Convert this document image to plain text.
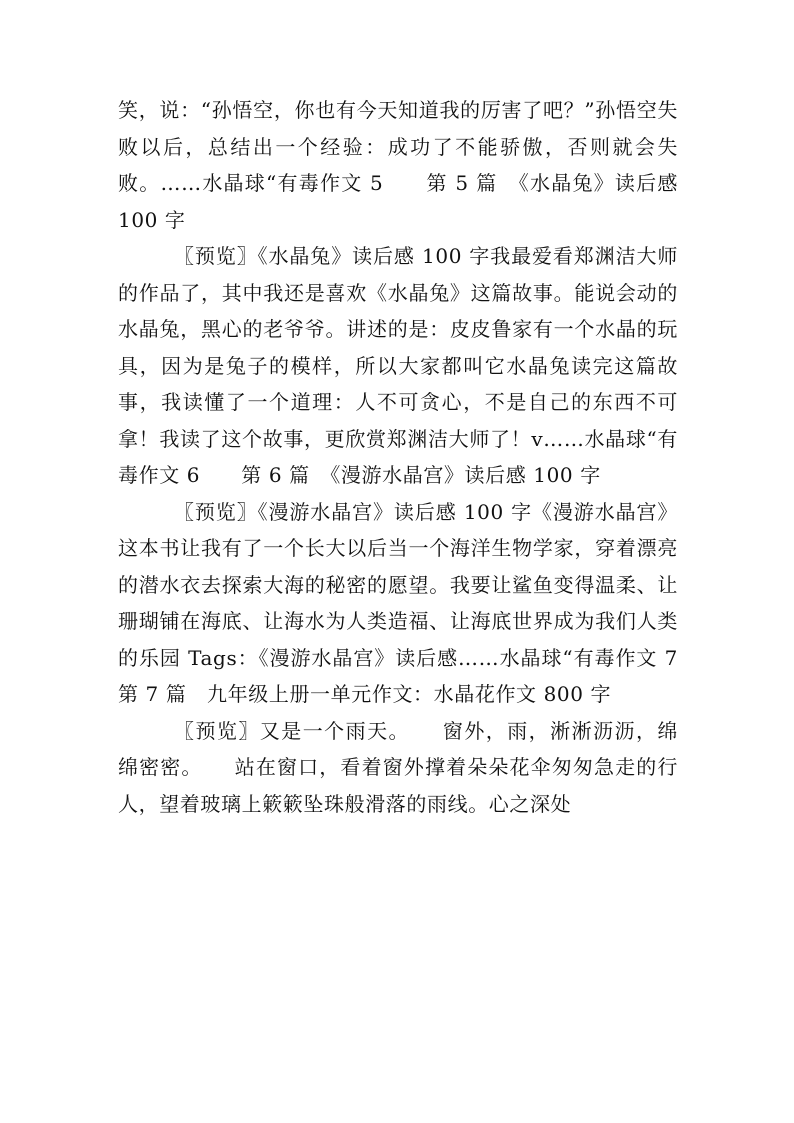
笑，说：“孙悟空，你也有今天知道我的厉害了吧？”孙悟空失败以后，总结出一个经验：成功了不能骄傲，否则就会失败。……水晶球“有毒作文 5　　第 5 篇　《水晶兔》读后感 100 字

〖预览〗《水晶兔》读后感 100 字我最爱看郑渊洁大师的作品了，其中我还是喜欢《水晶兔》这篇故事。能说会动的水晶兔，黑心的老爷爷。讲述的是：皮皮鲁家有一个水晶的玩具，因为是兔子的模样，所以大家都叫它水晶兔读完这篇故事，我读懂了一个道理：人不可贪心，不是自己的东西不可拿！我读了这个故事，更欣赏郑渊洁大师了！v……水晶球“有毒作文 6　　第 6 篇　《漫游水晶宫》读后感 100 字

〖预览〗《漫游水晶宫》读后感 100 字《漫游水晶宫》这本书让我有了一个长大以后当一个海洋生物学家，穿着漂亮的潜水衣去探索大海的秘密的愿望。我要让鲨鱼变得温柔、让珊瑚铺在海底、让海水为人类造福、让海底世界成为我们人类的乐园 Tags：《漫游水晶宫》读后感……水晶球“有毒作文 7　　第 7 篇　九年级上册一单元作文：水晶花作文 800 字

〖预览〗又是一个雨天。　　窗外，雨，淅淅沥沥，绵绵密密。　　站在窗口，看着窗外撑着朵朵花伞匆匆急走的行人，望着玻璃上簌簌坠珠般滑落的雨线。心之深处
